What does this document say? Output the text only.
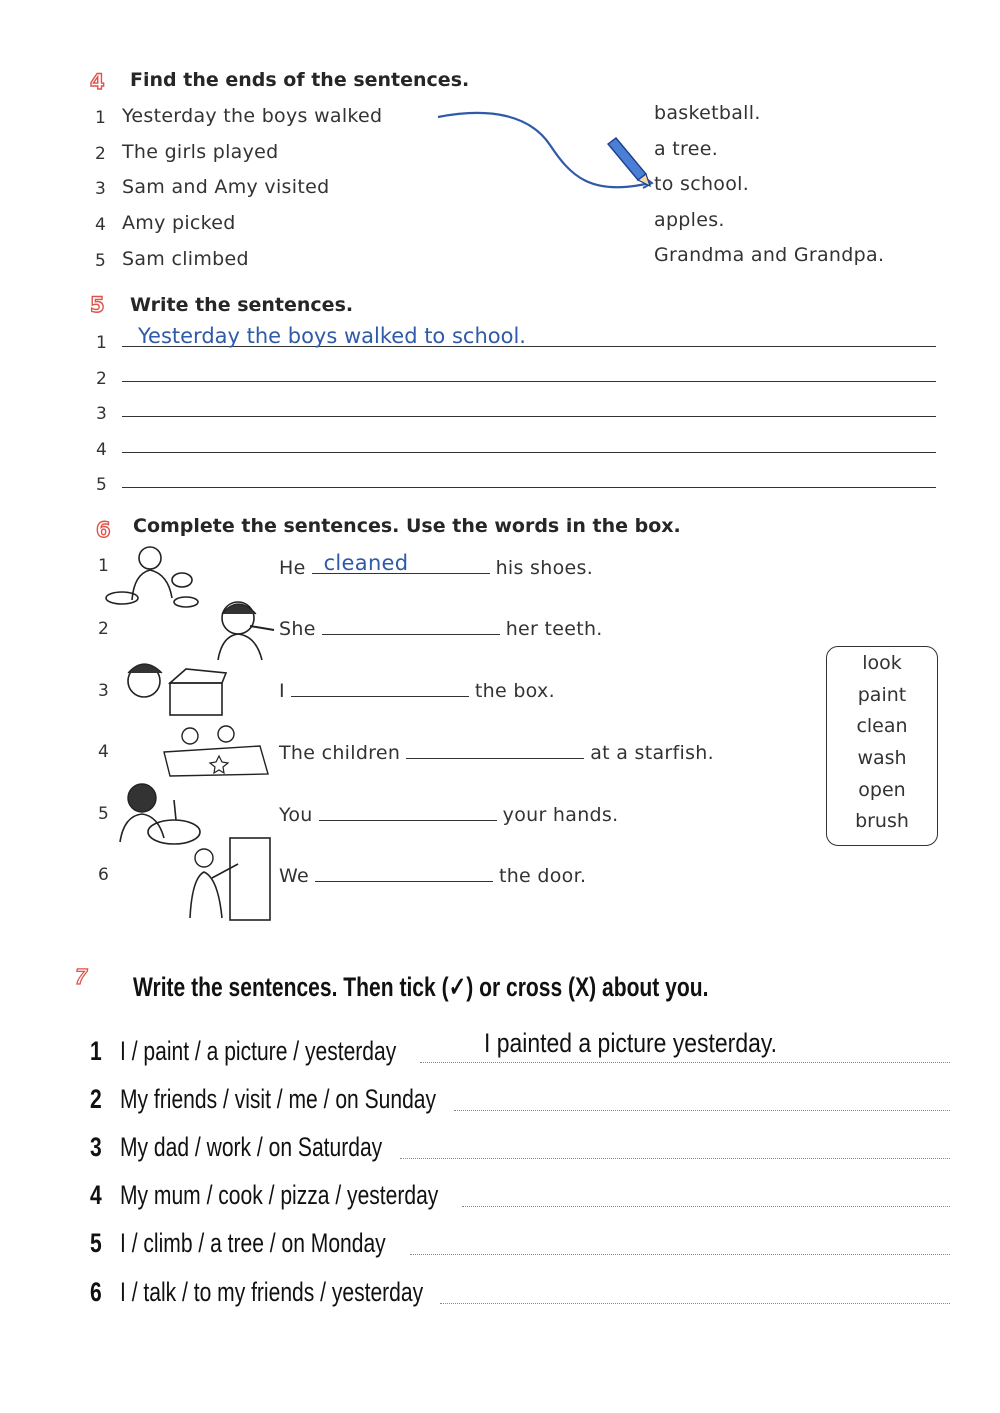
4 Find the ends of the sentences.
1 Yesterday the boys walked
2 The girls played
3 Sam and Amy visited
4 Amy picked
5 Sam climbed
basketball.
a tree.
to school.
apples.
Grandma and Grandpa.
5 Write the sentences.
1 Yesterday the boys walked to school.
2
3
4
5
6 Complete the sentences. Use the words in the box.
1	He cleaned	his shoes.
2	She	her teeth.
3	I	the box.
4	The children	at a starfish.
5	You	your hands.
6	We	the door.
look
paint
clean
wash
open
brush
7 Write the sentences. Then tick (✓) or cross (X) about you.
1 I / paint / a picture / yesterday	I painted a picture yesterday.
2 My friends / visit / me / on Sunday
3 My dad / work / on Saturday
4 My mum / cook / pizza / yesterday
5 I / climb / a tree / on Monday
6 I / talk / to my friends / yesterday
